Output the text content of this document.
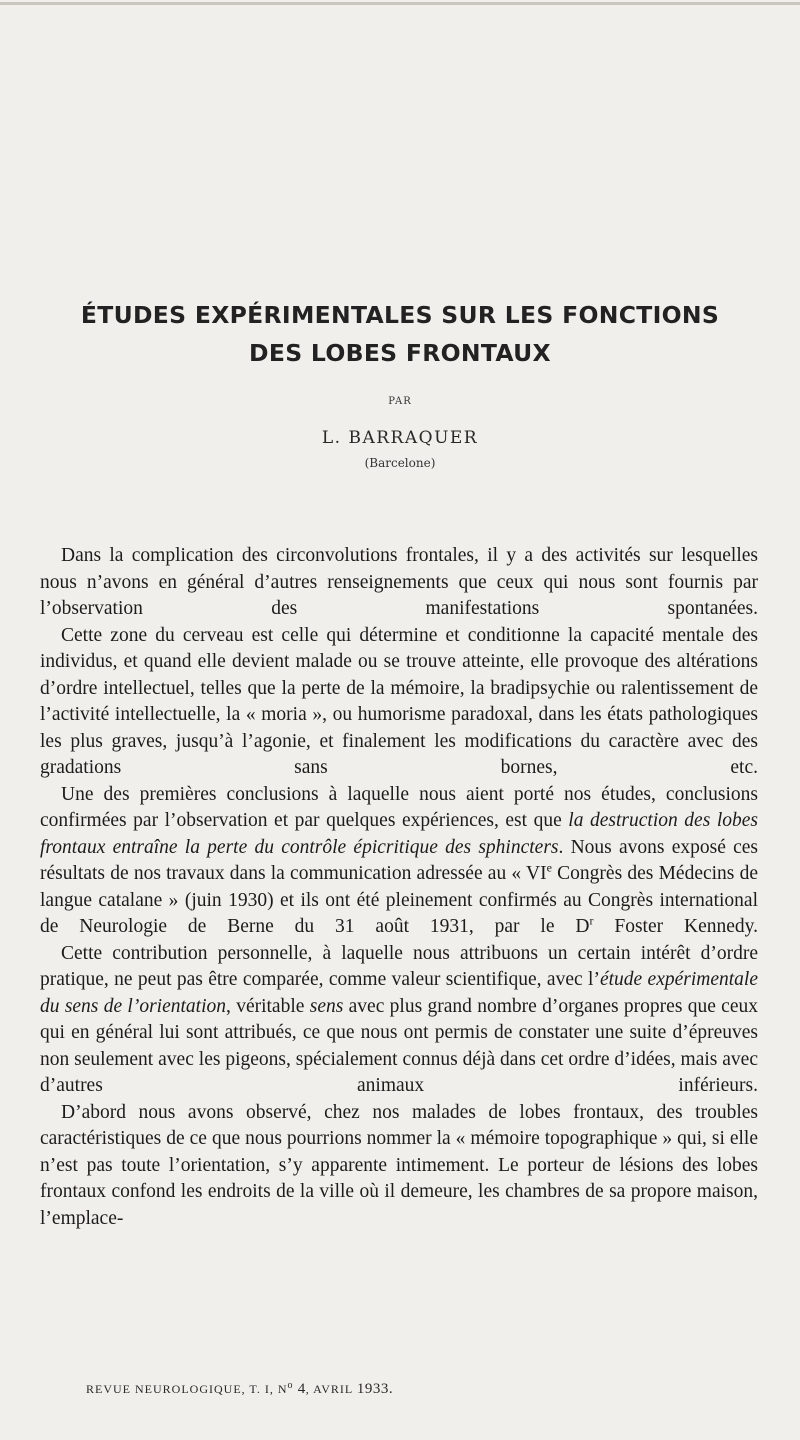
ÉTUDES EXPÉRIMENTALES SUR LES FONCTIONS
DES LOBES FRONTAUX
PAR
L. BARRAQUER
(Barcelone)

Dans la complication des circonvolutions frontales, il y a des activités sur lesquelles nous n’avons en général d’autres renseignements que ceux qui nous sont fournis par l’observation des manifestations spontanées.

Cette zone du cerveau est celle qui détermine et conditionne la capacité mentale des individus, et quand elle devient malade ou se trouve atteinte, elle provoque des altérations d’ordre intellectuel, telles que la perte de la mémoire, la bradipsychie ou ralentissement de l’activité intellectuelle, la « moria », ou humorisme paradoxal, dans les états pathologiques les plus graves, jusqu’à l’agonie, et finalement les modifications du caractère avec des gradations sans bornes, etc.

Une des premières conclusions à laquelle nous aient porté nos études, conclusions confirmées par l’observation et par quelques expériences, est que la destruction des lobes frontaux entraîne la perte du contrôle épicritique des sphincters. Nous avons exposé ces résultats de nos travaux dans la communication adressée au « VIe Congrès des Médecins de langue catalane » (juin 1930) et ils ont été pleinement confirmés au Congrès international de Neurologie de Berne du 31 août 1931, par le $D^r$ Foster Kennedy.

Cette contribution personnelle, à laquelle nous attribuons un certain intérêt d’ordre pratique, ne peut pas être comparée, comme valeur scientifique, avec l’étude expérimentale du sens de l’orientation, véritable sens avec plus grand nombre d’organes propres que ceux qui en général lui sont attribués, ce que nous ont permis de constater une suite d’épreuves non seulement avec les pigeons, spécialement connus déjà dans cet ordre d’idées, mais avec d’autres animaux inférieurs.

D’abord nous avons observé, chez nos malades de lobes frontaux, des troubles caractéristiques de ce que nous pourrions nommer la « mémoire topographique » qui, si elle n’est pas toute l’orientation, s’y apparente intimement. Le porteur de lésions des lobes frontaux confond les endroits de la ville où il demeure, les chambres de sa propore maison, l’emplace-

REVUE NEUROLOGIQUE, T. I, $N^o$ 4, AVRIL 1933.
